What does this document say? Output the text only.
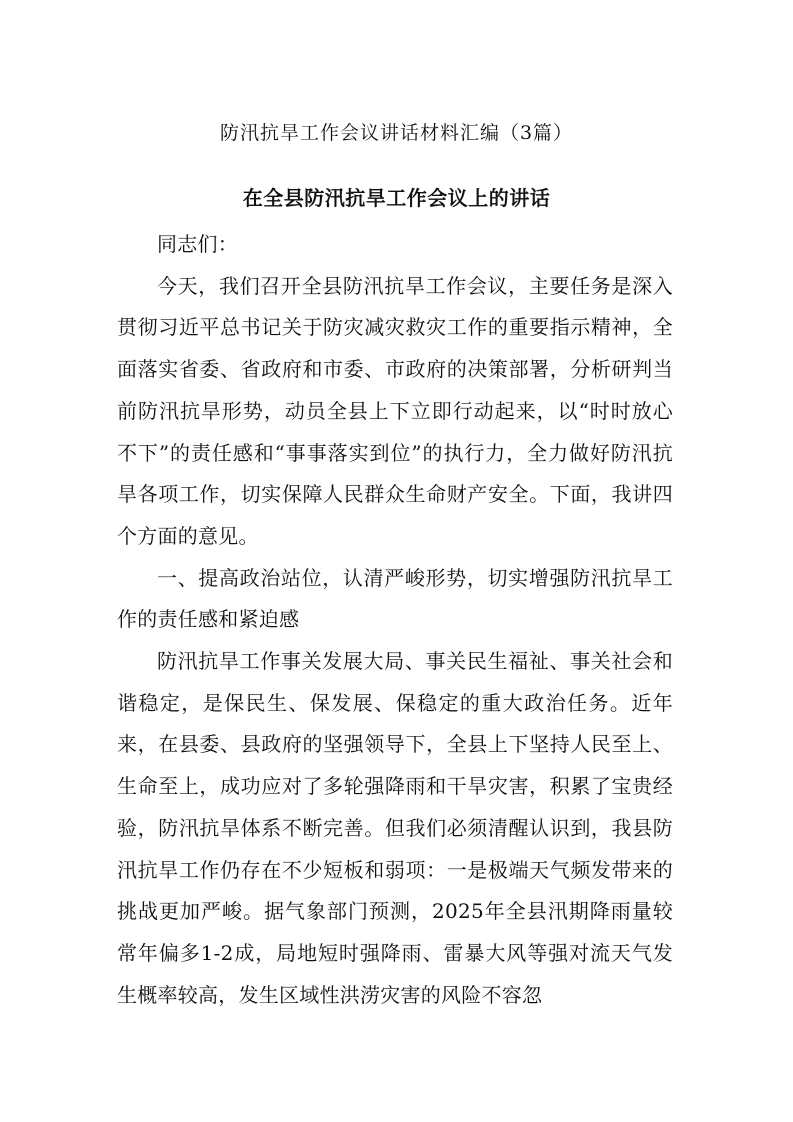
防汛抗旱工作会议讲话材料汇编（3篇）
在全县防汛抗旱工作会议上的讲话

同志们：

今天，我们召开全县防汛抗旱工作会议，主要任务是深入贯彻习近平总书记关于防灾减灾救灾工作的重要指示精神，全面落实省委、省政府和市委、市政府的决策部署，分析研判当前防汛抗旱形势，动员全县上下立即行动起来，以“时时放心不下”的责任感和“事事落实到位”的执行力，全力做好防汛抗旱各项工作，切实保障人民群众生命财产安全。下面，我讲四个方面的意见。

一、提高政治站位，认清严峻形势，切实增强防汛抗旱工作的责任感和紧迫感

防汛抗旱工作事关发展大局、事关民生福祉、事关社会和谐稳定，是保民生、保发展、保稳定的重大政治任务。近年来，在县委、县政府的坚强领导下，全县上下坚持人民至上、生命至上，成功应对了多轮强降雨和干旱灾害，积累了宝贵经验，防汛抗旱体系不断完善。但我们必须清醒认识到，我县防汛抗旱工作仍存在不少短板和弱项：一是极端天气频发带来的挑战更加严峻。据气象部门预测，2025年全县汛期降雨量较常年偏多1-2成，局地短时强降雨、雷暴大风等强对流天气发生概率较高，发生区域性洪涝灾害的风险不容忽
